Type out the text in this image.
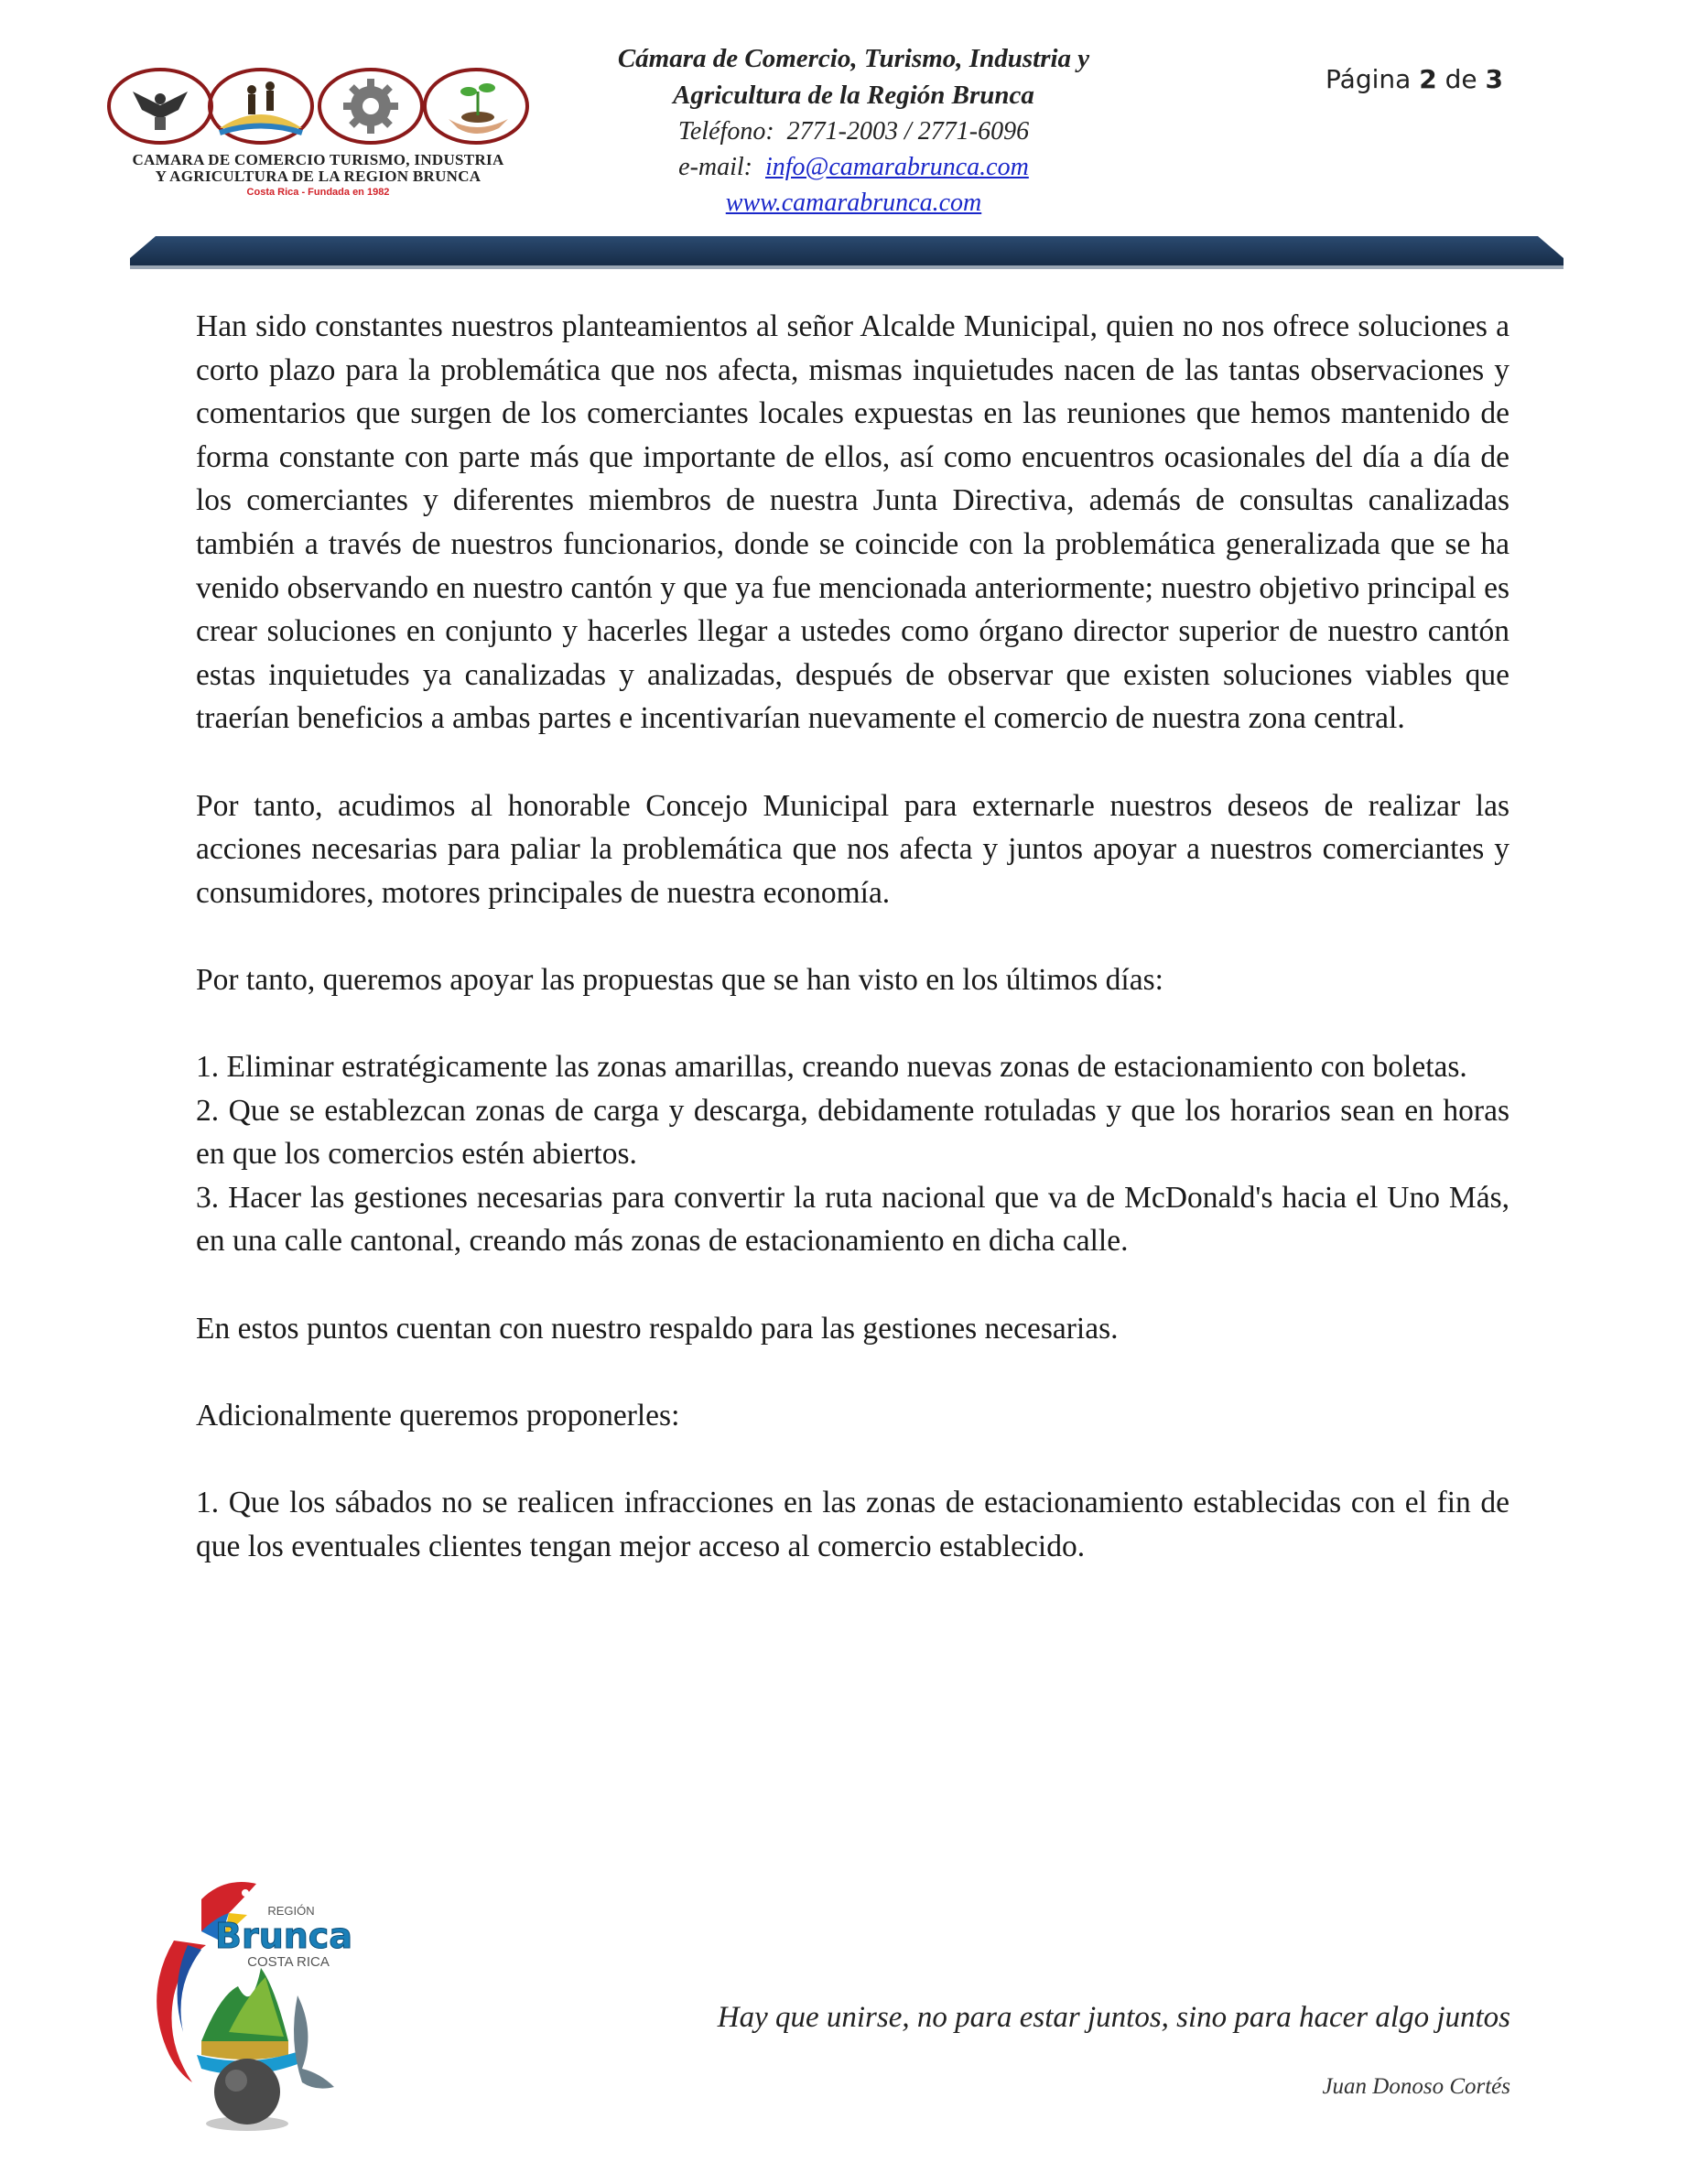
CAMARA DE COMERCIO TURISMO, INDUSTRIA
Y AGRICULTURA DE LA REGION BRUNCA
Costa Rica - Fundada en 1982
Cámara de Comercio, Turismo, Industria y
Agricultura de la Región Brunca
Teléfono: 2771-2003 / 2771-6096
e-mail: info@camarabrunca.com
www.camarabrunca.com
Página 2 de 3

Han sido constantes nuestros planteamientos al señor Alcalde Municipal, quien no nos ofrece soluciones a corto plazo para la problemática que nos afecta, mismas inquietudes nacen de las tantas observaciones y comentarios que surgen de los comerciantes locales expuestas en las reuniones que hemos mantenido de forma constante con parte más que importante de ellos, así como encuentros ocasionales del día a día de los comerciantes y diferentes miembros de nuestra Junta Directiva, además de consultas canalizadas también a través de nuestros funcionarios, donde se coincide con la problemática generalizada que se ha venido observando en nuestro cantón y que ya fue mencionada anteriormente; nuestro objetivo principal es crear soluciones en conjunto y hacerles llegar a ustedes como órgano director superior de nuestro cantón estas inquietudes ya canalizadas y analizadas, después de observar que existen soluciones viables que traerían beneficios a ambas partes e incentivarían nuevamente el comercio de nuestra zona central.

Por tanto, acudimos al honorable Concejo Municipal para externarle nuestros deseos de realizar las acciones necesarias para paliar la problemática que nos afecta y juntos apoyar a nuestros comerciantes y consumidores, motores principales de nuestra economía.

Por tanto, queremos apoyar las propuestas que se han visto en los últimos días:

1. Eliminar estratégicamente las zonas amarillas, creando nuevas zonas de estacionamiento con boletas.

2. Que se establezcan zonas de carga y descarga, debidamente rotuladas y que los horarios sean en horas en que los comercios estén abiertos.

3. Hacer las gestiones necesarias para convertir la ruta nacional que va de McDonald's hacia el Uno Más, en una calle cantonal, creando más zonas de estacionamiento en dicha calle.

En estos puntos cuentan con nuestro respaldo para las gestiones necesarias.

Adicionalmente queremos proponerles:

1. Que los sábados no se realicen infracciones en las zonas de estacionamiento establecidas con el fin de que los eventuales clientes tengan mejor acceso al comercio establecido.

REGIÓN
Brunca
COSTA RICA
Hay que unirse, no para estar juntos, sino para hacer algo juntos
Juan Donoso Cortés
